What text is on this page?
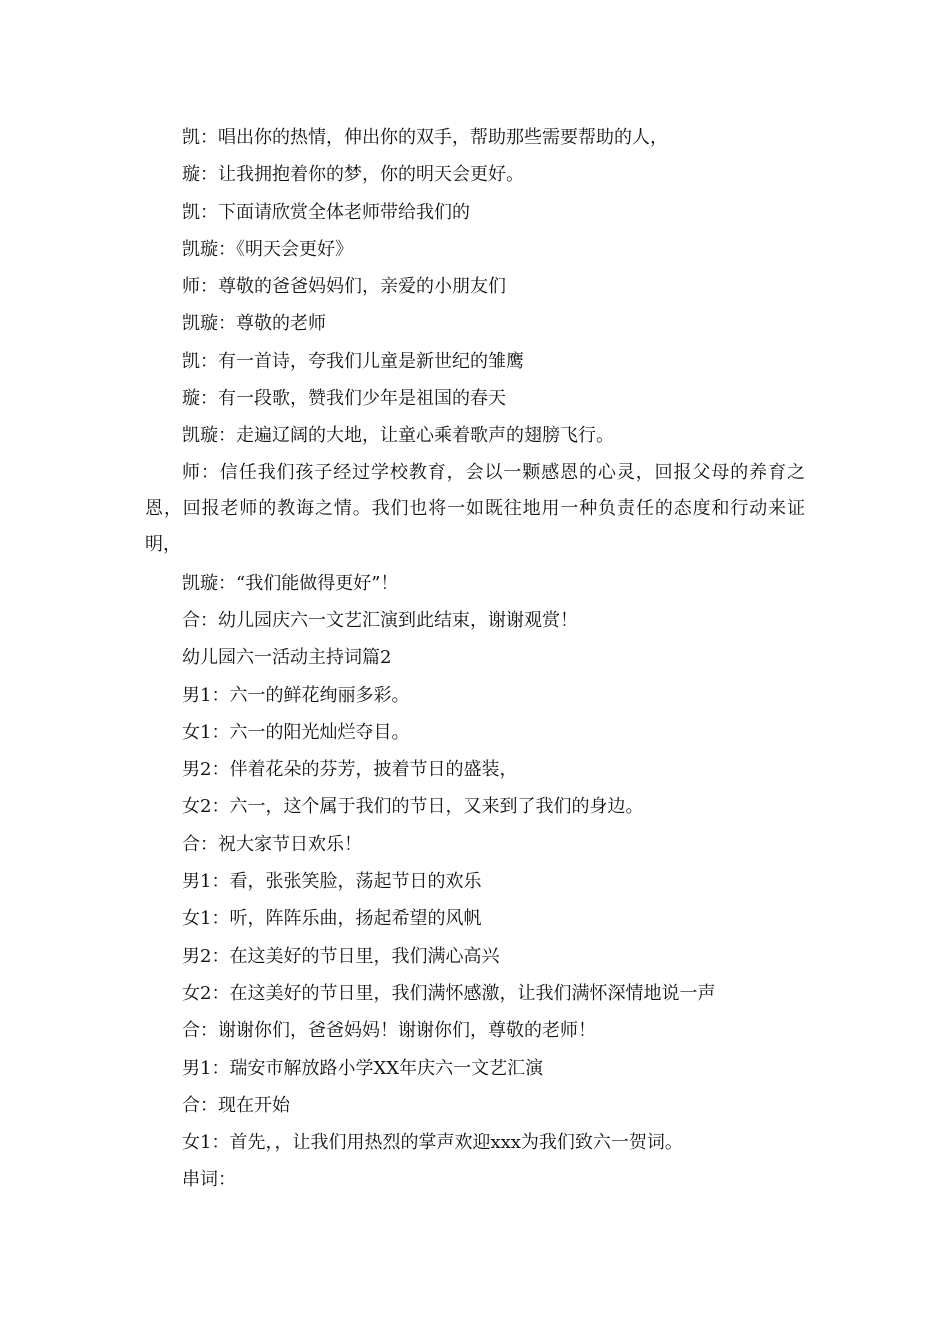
凯：唱出你的热情，伸出你的双手，帮助那些需要帮助的人，
璇：让我拥抱着你的梦，你的明天会更好。
凯：下面请欣赏全体老师带给我们的
凯璇：《明天会更好》
师：尊敬的爸爸妈妈们，亲爱的小朋友们
凯璇：尊敬的老师
凯：有一首诗，夸我们儿童是新世纪的雏鹰
璇：有一段歌，赞我们少年是祖国的春天
凯璇：走遍辽阔的大地，让童心乘着歌声的翅膀飞行。

师：信任我们孩子经过学校教育，会以一颗感恩的心灵，回报父母的养育之恩，回报老师的教诲之情。我们也将一如既往地用一种负责任的态度和行动来证明，

凯璇：“我们能做得更好”！
合：幼儿园庆六一文艺汇演到此结束，谢谢观赏！
幼儿园六一活动主持词篇2
男1：六一的鲜花绚丽多彩。
女1：六一的阳光灿烂夺目。
男2：伴着花朵的芬芳，披着节日的盛装，
女2：六一，这个属于我们的节日，又来到了我们的身边。
合：祝大家节日欢乐！
男1：看，张张笑脸，荡起节日的欢乐
女1：听，阵阵乐曲，扬起希望的风帆
男2：在这美好的节日里，我们满心高兴
女2：在这美好的节日里，我们满怀感激，让我们满怀深情地说一声
合：谢谢你们，爸爸妈妈！谢谢你们，尊敬的老师！
男1：瑞安市解放路小学XX年庆六一文艺汇演
合：现在开始
女1：首先，，让我们用热烈的掌声欢迎xxx为我们致六一贺词。
串词：
